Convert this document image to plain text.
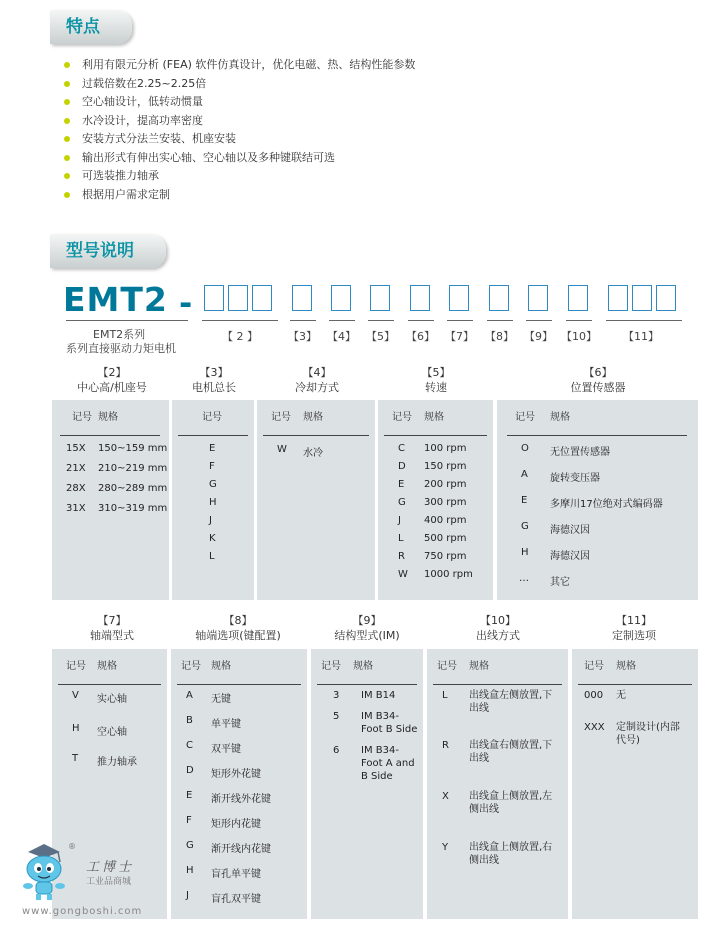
特点
利用有限元分析 (FEA) 软件仿真设计，优化电磁、热、结构性能参数
过载倍数在2.25~2.25倍
空心轴设计，低转动惯量
水冷设计，提高功率密度
安装方式分法兰安装、机座安装
输出形式有伸出实心轴、空心轴以及多种键联结可选
可选装推力轴承
根据用户需求定制
型号说明
EMT2 -
EMT2系列
系列直接驱动力矩电机
【 2 】	【3】 【4】 【5】 【6】 【7】 【8】 【9】 【10】 【11】
【2】
中心高/机座号
【3】
电机总长
【4】
冷却方式
【5】
转速
【6】
位置传感器
记号 规格
15X 150~159 mm
21X 210~219 mm
28X 280~289 mm
31X 310~319 mm
记号
E
F
G
H
J
K
L
记号 规格
W 水冷
记号 规格
C 100 rpm
D 150 rpm
E 200 rpm
G 300 rpm
J 400 rpm
L 500 rpm
R 750 rpm
W 1000 rpm
记号 规格
O 无位置传感器
A 旋转变压器
E 多摩川17位绝对式编码器
G 海德汉因
H 海德汉因
… 其它
【7】
轴端型式
【8】
轴端选项(键配置)
【9】
结构型式(IM)
【10】
出线方式
【11】
定制选项
记号 规格
V 实心轴
H 空心轴
T 推力轴承
记号 规格
A 无键
B 单平键
C 双平键
D 矩形外花键
E 渐开线外花键
F 矩形内花键
G 渐开线内花键
H 盲孔单平键
J 盲孔双平键
记号 规格
3 IM B14
5 IM B34-Foot B Side
6 IM B34-Foot A and B Side
记号 规格
L 出线盒左侧放置,下出线
R 出线盒右侧放置,下出线
X 出线盒上侧放置,左侧出线
Y 出线盒上侧放置,右侧出线
记号 规格
000 无
XXX 定制设计(内部代号)
®
工博士
工业品商城
www.gongboshi.com
